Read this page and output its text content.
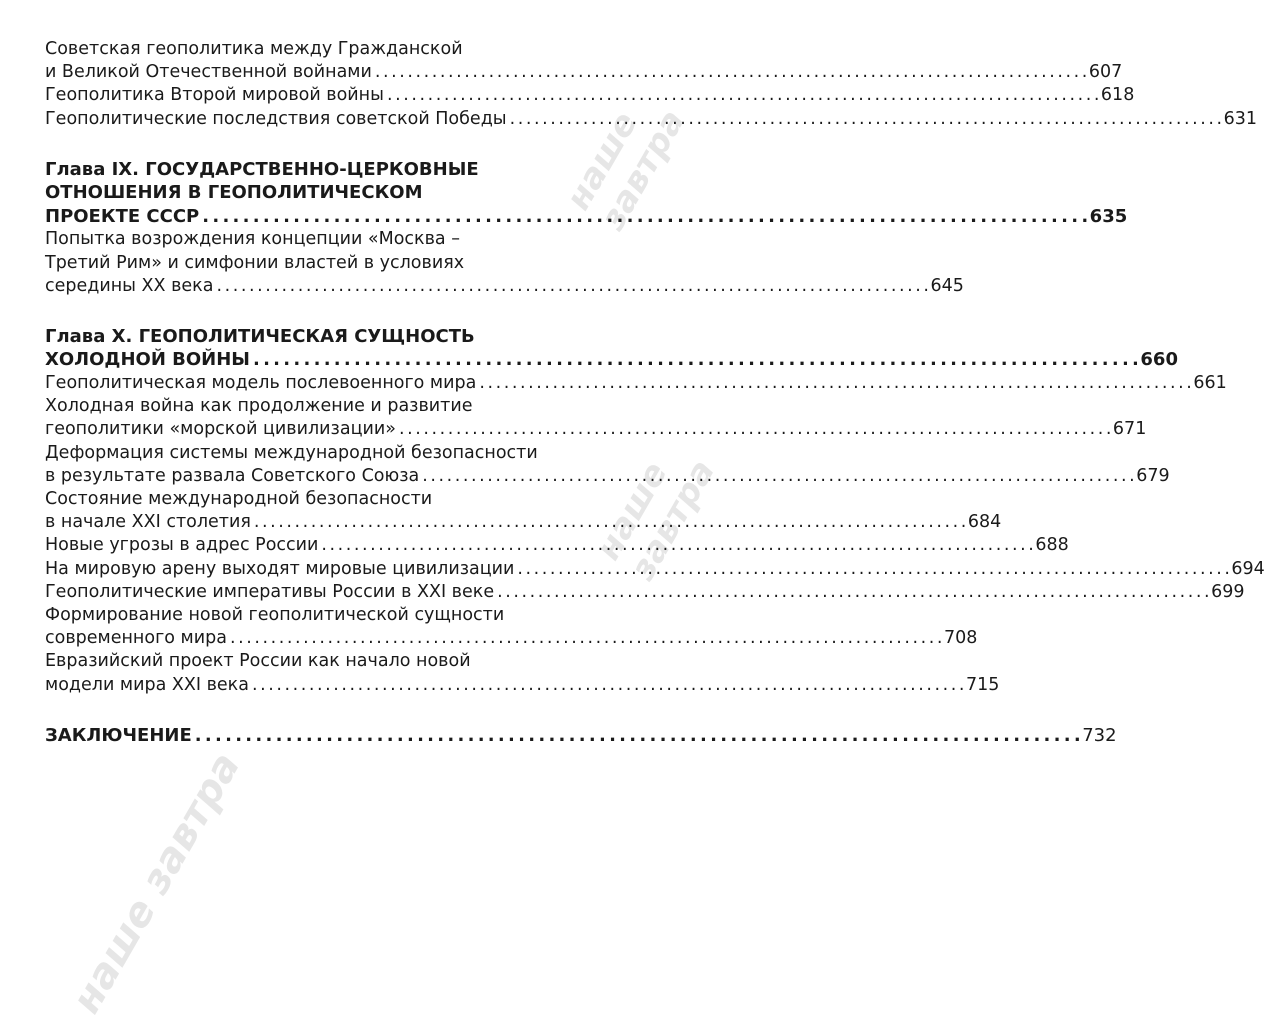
наше завтра
наше завтра
наше завтра
Советская геополитика между Гражданской
и Великой Отечественной войнами . . .	607
Геополитика Второй мировой войны . . .	618
Геополитические последствия советской Победы . . .	631
Глава IX. ГОСУДАРСТВЕННО-ЦЕРКОВНЫЕ
ОТНОШЕНИЯ В ГЕОПОЛИТИЧЕСКОМ
ПРОЕКТЕ СССР . . .	635
Попытка возрождения концепции «Москва –
Третий Рим» и симфонии властей в условиях
середины XX века . . .	645
Глава X. ГЕОПОЛИТИЧЕСКАЯ СУЩНОСТЬ
ХОЛОДНОЙ ВОЙНЫ . . .	660
Геополитическая модель послевоенного мира . . .	661
Холодная война как продолжение и развитие
геополитики «морской цивилизации» . . .	671
Деформация системы международной безопасности
в результате развала Советского Союза . . .	679
Состояние международной безопасности
в начале XXI столетия . . .	684
Новые угрозы в адрес России . . .	688
На мировую арену выходят мировые цивилизации . . .	694
Геополитические императивы России в XXI веке . . .	699
Формирование новой геополитической сущности
современного мира . . .	708
Евразийский проект России как начало новой
модели мира XXI века . . .	715
ЗАКЛЮЧЕНИЕ . . .	732
